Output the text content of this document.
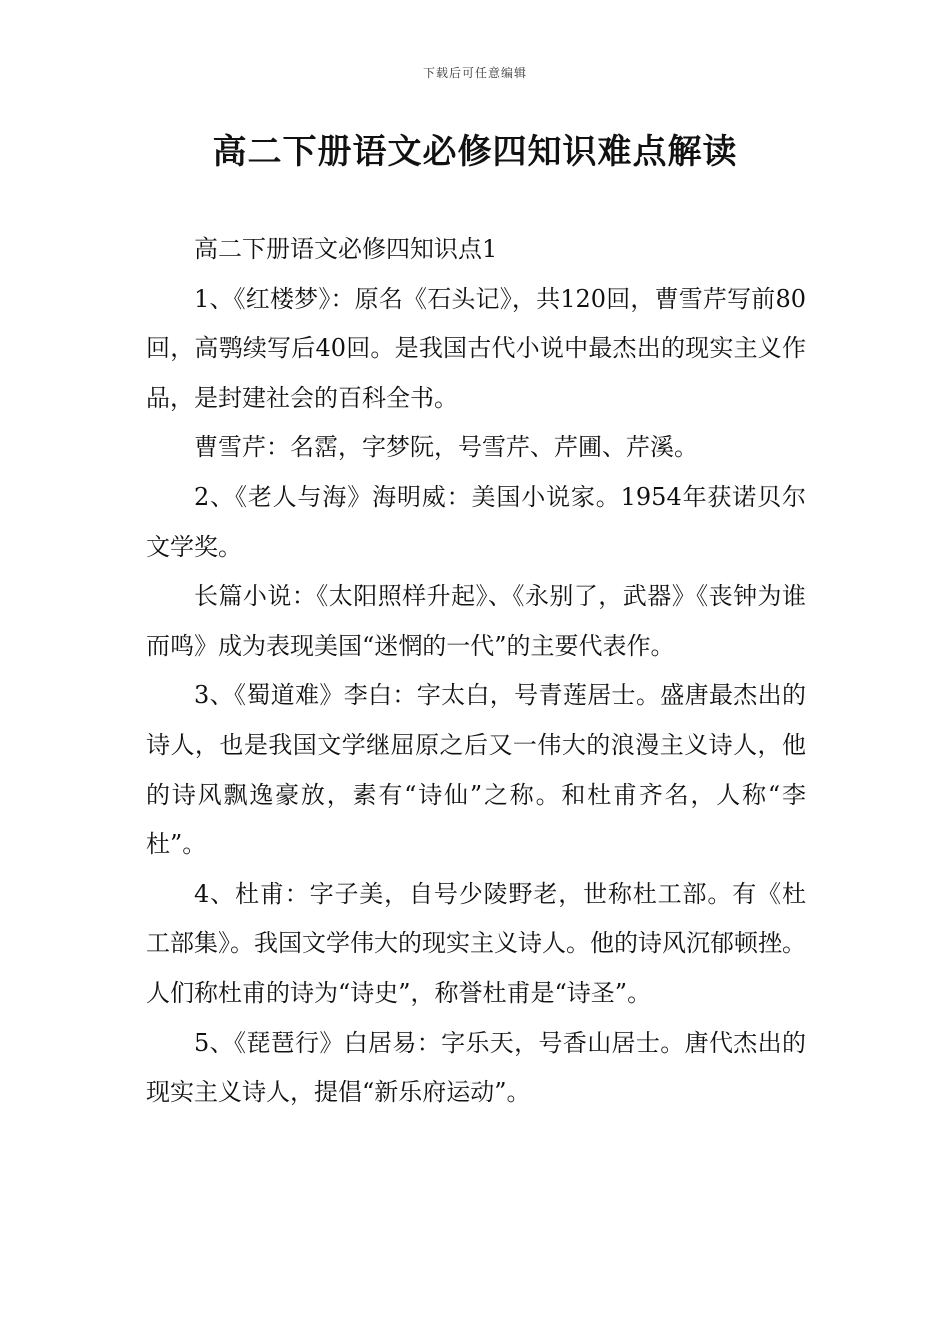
下载后可任意编辑
高二下册语文必修四知识难点解读

高二下册语文必修四知识点1

1、《红楼梦》：原名《石头记》，共120回，曹雪芹写前80回，高鹗续写后40回。是我国古代小说中最杰出的现实主义作品，是封建社会的百科全书。

曹雪芹：名霑，字梦阮，号雪芹、芹圃、芹溪。

2、《老人与海》海明威：美国小说家。1954年获诺贝尔文学奖。

长篇小说：《太阳照样升起》、《永别了，武器》《丧钟为谁而鸣》成为表现美国“迷惘的一代”的主要代表作。

3、《蜀道难》李白：字太白，号青莲居士。盛唐最杰出的诗人，也是我国文学继屈原之后又一伟大的浪漫主义诗人，他的诗风飘逸豪放，素有“诗仙”之称。和杜甫齐名，人称“李杜”。

4、杜甫：字子美，自号少陵野老，世称杜工部。有《杜工部集》。我国文学伟大的现实主义诗人。他的诗风沉郁顿挫。人们称杜甫的诗为“诗史”，称誉杜甫是“诗圣”。

5、《琵琶行》白居易：字乐天，号香山居士。唐代杰出的现实主义诗人，提倡“新乐府运动”。
